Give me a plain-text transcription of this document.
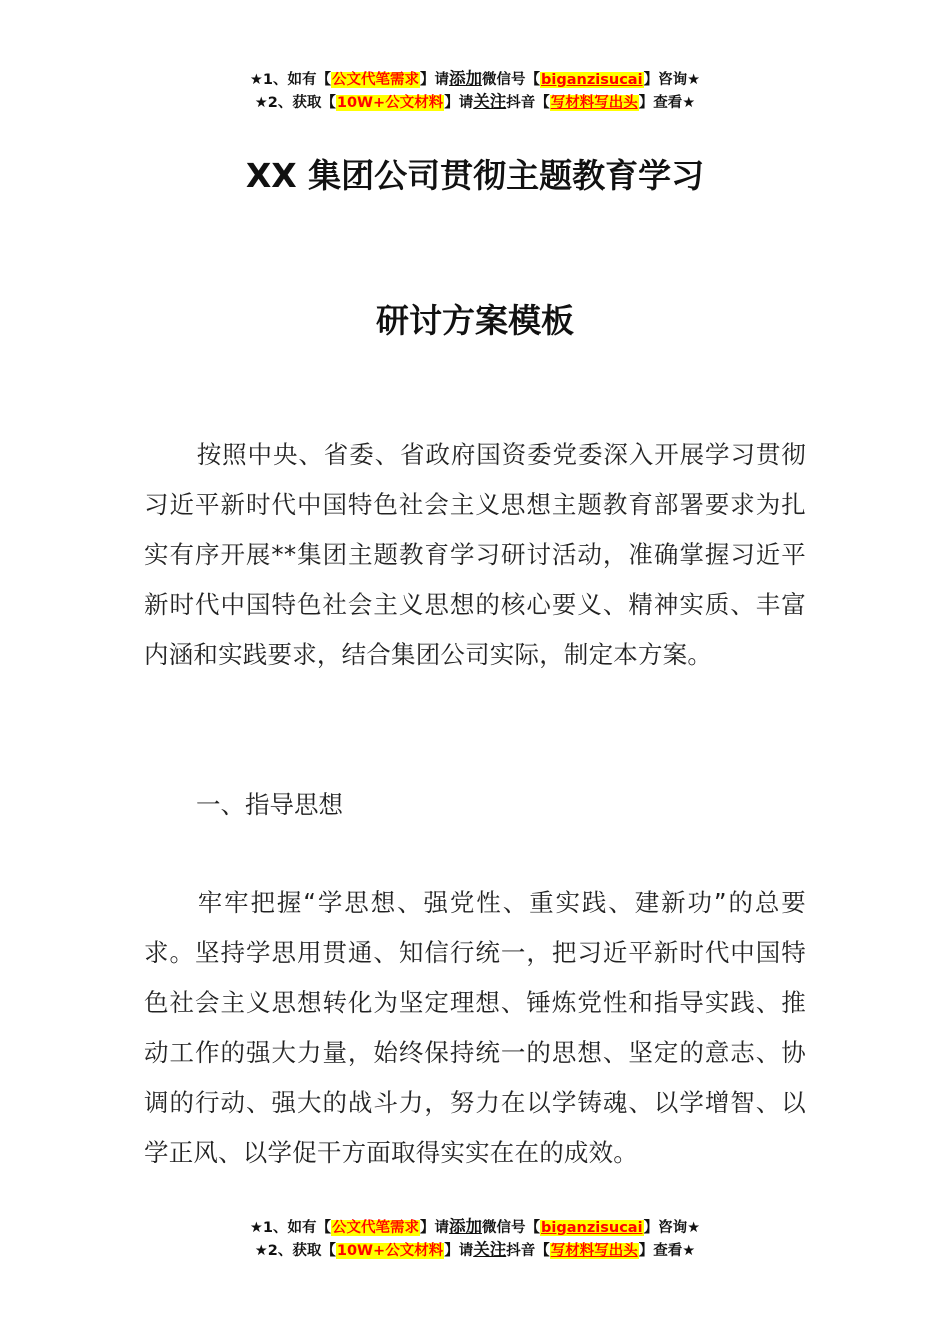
★1、如有【公文代笔需求】请添加微信号【biganzisucai】咨询★
★2、获取【10W+公文材料】请关注抖音【写材料写出头】查看★
XX 集团公司贯彻主题教育学习
研讨方案模板
按照中央、省委、省政府国资委党委深入开展学习贯彻习近平新时代中国特色社会主义思想主题教育部署要求为扎实有序开展**集团主题教育学习研讨活动，准确掌握习近平新时代中国特色社会主义思想的核心要义、精神实质、丰富内涵和实践要求，结合集团公司实际，制定本方案。
一、指导思想
牢牢把握“学思想、强党性、重实践、建新功”的总要求。坚持学思用贯通、知信行统一，把习近平新时代中国特色社会主义思想转化为坚定理想、锤炼党性和指导实践、推动工作的强大力量，始终保持统一的思想、坚定的意志、协调的行动、强大的战斗力，努力在以学铸魂、以学增智、以学正风、以学促干方面取得实实在在的成效。
★1、如有【公文代笔需求】请添加微信号【biganzisucai】咨询★
★2、获取【10W+公文材料】请关注抖音【写材料写出头】查看★
